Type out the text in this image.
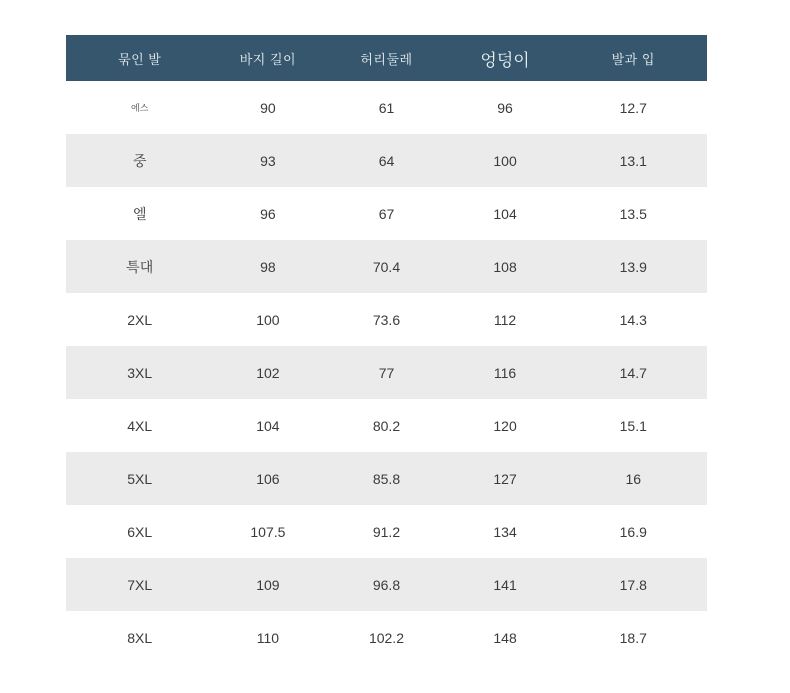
묶인 발	바지 길이	허리둘레	엉덩이	발과 입
에스	90	61	96	12.7
중	93	64	100	13.1
엘	96	67	104	13.5
특대	98	70.4	108	13.9
2XL	100	73.6	112	14.3
3XL	102	77	116	14.7
4XL	104	80.2	120	15.1
5XL	106	85.8	127	16
6XL	107.5	91.2	134	16.9
7XL	109	96.8	141	17.8
8XL	110	102.2	148	18.7
